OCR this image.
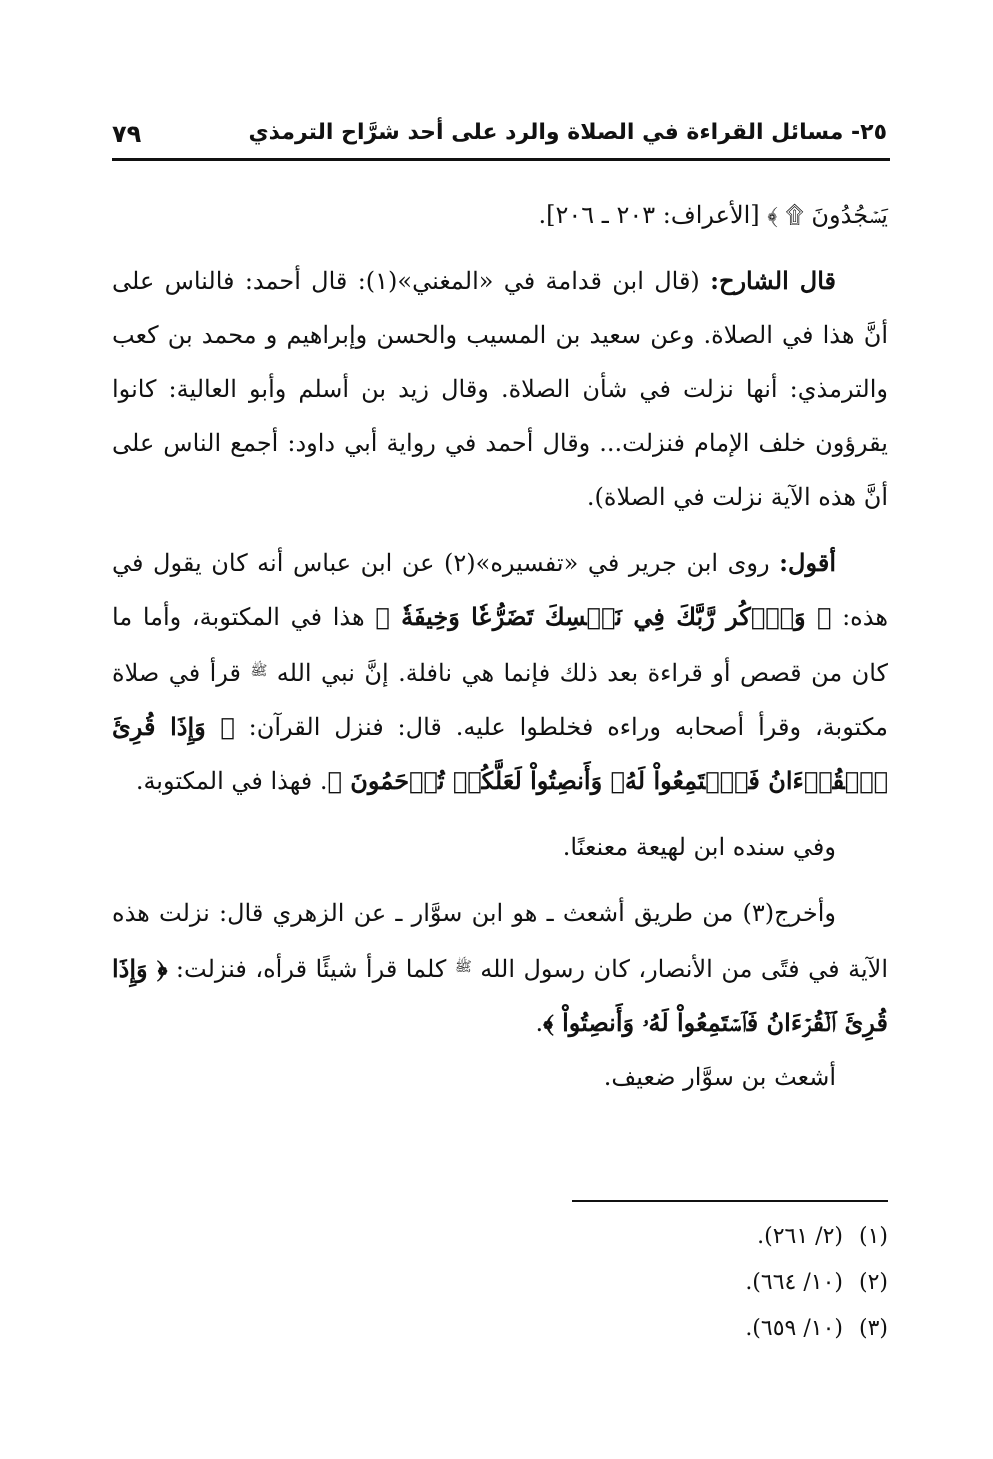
٢٥- مسائل القراءة في الصلاة والرد على أحد شرَّاح الترمذي
٧٩

يَسۡجُدُونَ ۩ ﴾ [الأعراف: ٢٠٣ ـ ٢٠٦].

قال الشارح: (قال ابن قدامة في «المغني»(١): قال أحمد: فالناس على أنَّ هذا في الصلاة. وعن سعيد بن المسيب والحسن وإبراهيم و محمد بن كعب والترمذي: أنها نزلت في شأن الصلاة. وقال زيد بن أسلم وأبو العالية: كانوا يقرؤون خلف الإمام فنزلت... وقال أحمد في رواية أبي داود: أجمع الناس على أنَّ هذه الآية نزلت في الصلاة).

أقول: روى ابن جرير في «تفسيره»(٢) عن ابن عباس أنه كان يقول في هذه: ﴿ وَٱذۡكُر رَّبَّكَ فِي نَفۡسِكَ تَضَرُّعٗا وَخِيفَةٗ ﴾ هذا في المكتوبة، وأما ما كان من قصص أو قراءة بعد ذلك فإنما هي نافلة. إنَّ نبي الله $^ﷺ$ قرأ في صلاة مكتوبة، وقرأ أصحابه وراءه فخلطوا عليه. قال: فنزل القرآن: ﴿ وَإِذَا قُرِئَ ٱلۡقُرۡءَانُ فَٱسۡتَمِعُواْ لَهُۥ وَأَنصِتُواْ لَعَلَّكُمۡ تُرۡحَمُونَ ﴾. فهذا في المكتوبة.

وفي سنده ابن لهيعة معنعنًا.

وأخرج(٣) من طريق أشعث ـ هو ابن سوَّار ـ عن الزهري قال: نزلت هذه الآية في فتًى من الأنصار، كان رسول الله $^ﷺ$ كلما قرأ شيئًا قرأه، فنزلت: ﴿ وَإِذَا قُرِئَ ٱلۡقُرۡءَانُ فَٱسۡتَمِعُواْ لَهُۥ وَأَنصِتُواْ ﴾.

أشعث بن سوَّار ضعيف.

(١)(٢/ ٢٦١).
(٢)(١٠/ ٦٦٤).
(٣)(١٠/ ٦٥٩).
